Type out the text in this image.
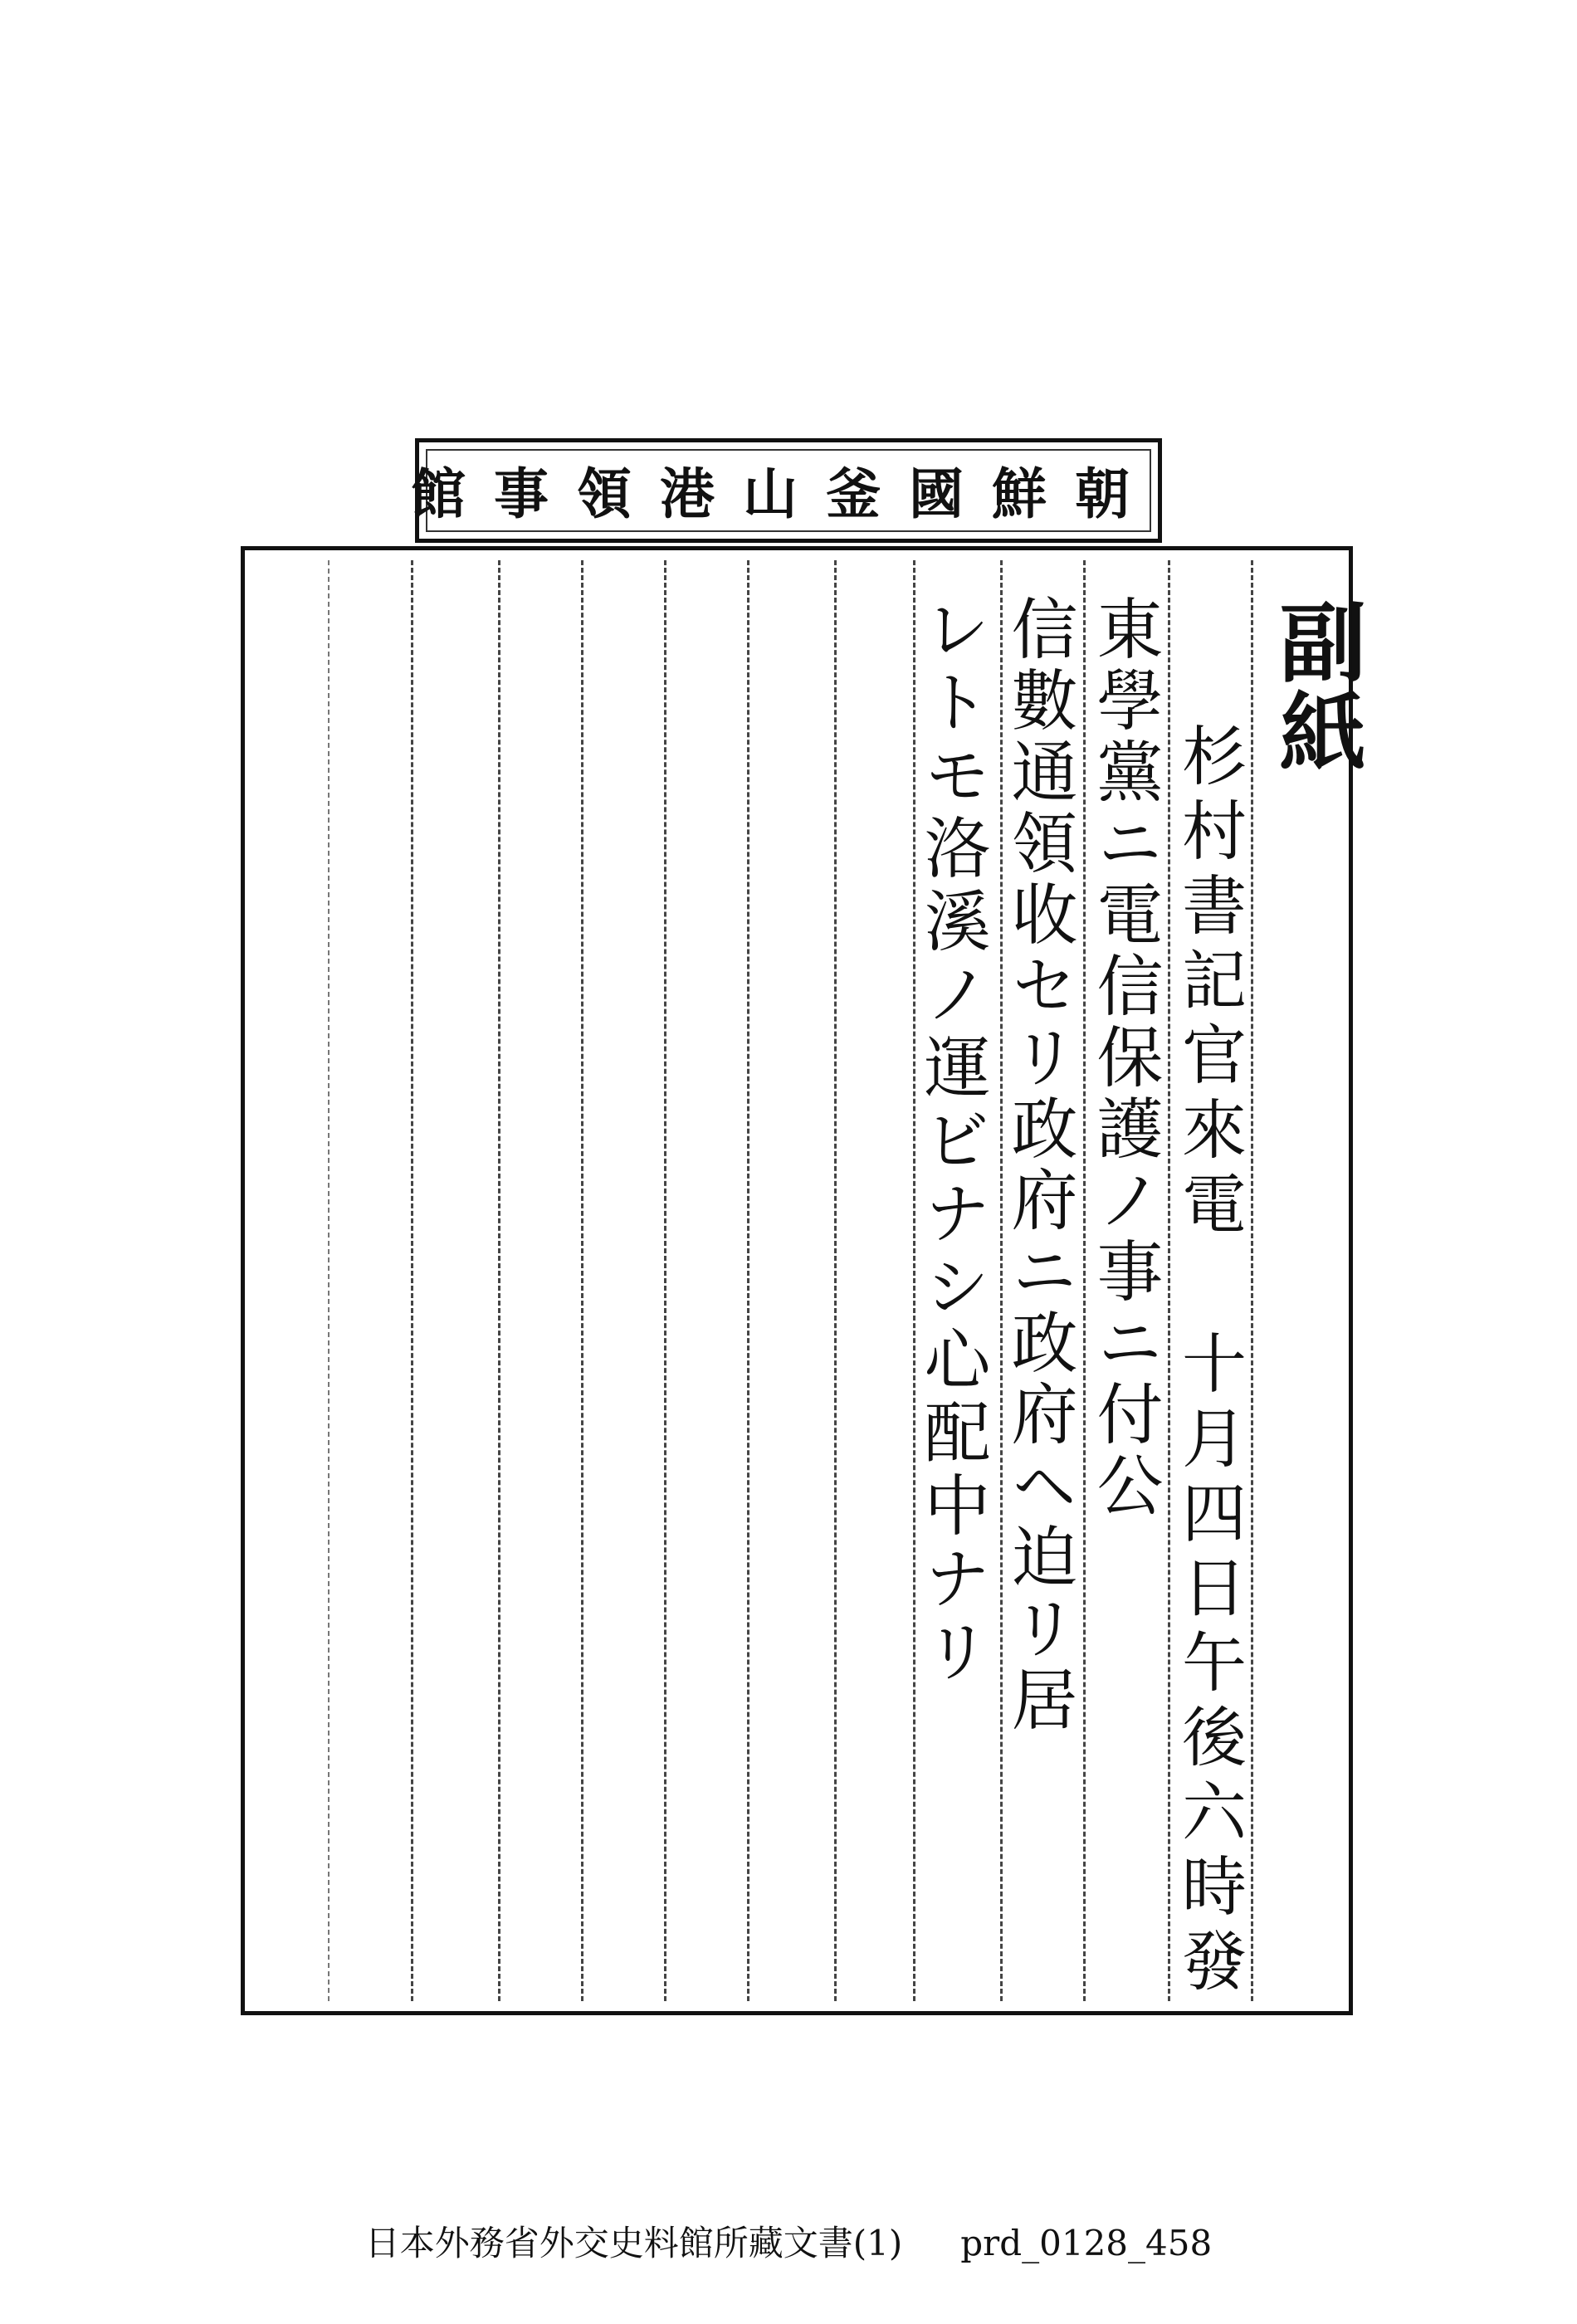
朝鮮國釜山港領事館
副紙
杉村書記官來電 十月四日午後六時發
東學黨ニ電信保護ノ事ニ付公
信數通領收セリ政府ニ政府ヘ迫リ居
レトモ洛溪ノ運ビナシ心配中ナリ
日本外務省外交史料館所藏文書(1) prd_0128_458
